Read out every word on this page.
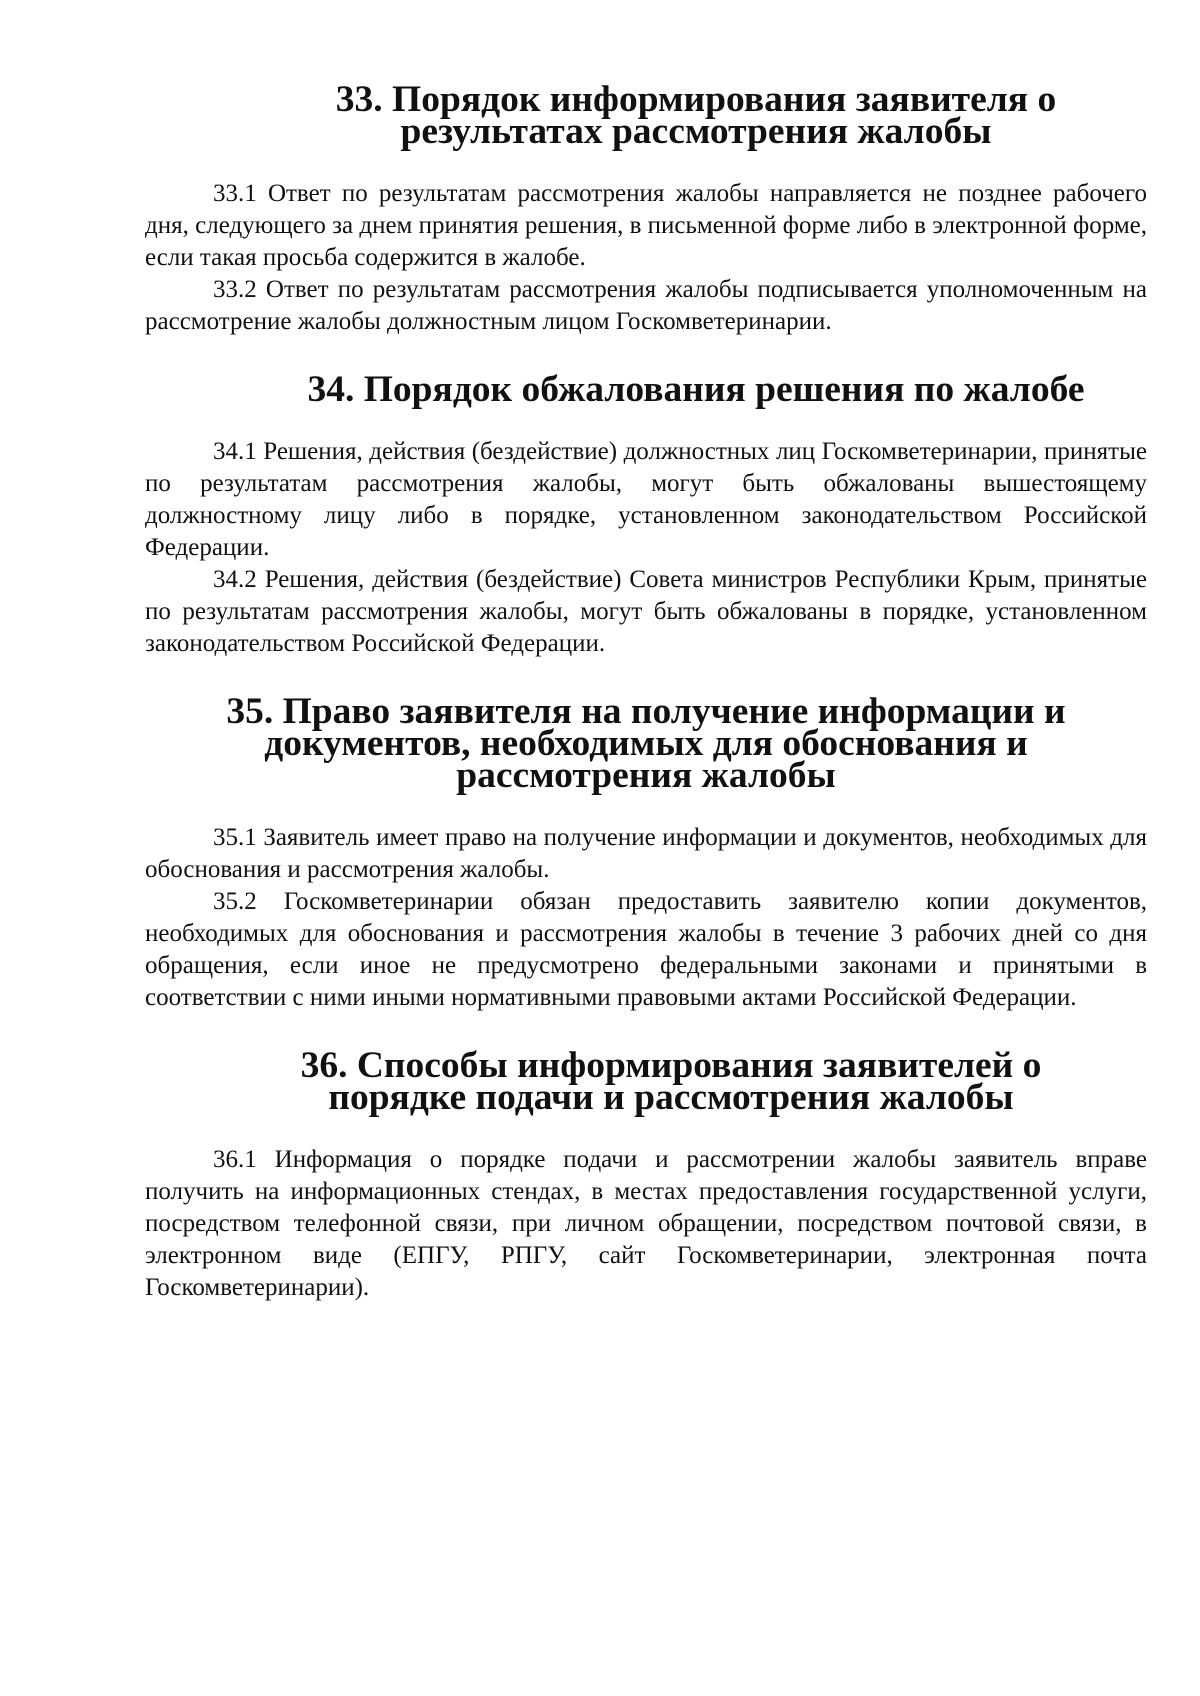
33. Порядок информирования заявителя о результатах рассмотрения жалобы

33.1 Ответ по результатам рассмотрения жалобы направляется не позднее рабочего дня, следующего за днем принятия решения, в письменной форме либо в электронной форме, если такая просьба содержится в жалобе.

33.2 Ответ по результатам рассмотрения жалобы подписывается уполномоченным на рассмотрение жалобы должностным лицом Госкомветеринарии.

34. Порядок обжалования решения по жалобе

34.1 Решения, действия (бездействие) должностных лиц Госкомветеринарии, принятые по результатам рассмотрения жалобы, могут быть обжалованы вышестоящему должностному лицу либо в порядке, установленном законодательством Российской Федерации.

34.2 Решения, действия (бездействие) Совета министров Республики Крым, принятые по результатам рассмотрения жалобы, могут быть обжалованы в порядке, установленном законодательством Российской Федерации.

35. Право заявителя на получение информации и документов, необходимых для обоснования и рассмотрения жалобы

35.1 Заявитель имеет право на получение информации и документов, необходимых для обоснования и рассмотрения жалобы.

35.2 Госкомветеринарии обязан предоставить заявителю копии документов, необходимых для обоснования и рассмотрения жалобы в течение 3 рабочих дней со дня обращения, если иное не предусмотрено федеральными законами и принятыми в соответствии с ними иными нормативными правовыми актами Российской Федерации.

36. Способы информирования заявителей о порядке подачи и рассмотрения жалобы

36.1 Информация о порядке подачи и рассмотрении жалобы заявитель вправе получить на информационных стендах, в местах предоставления государственной услуги, посредством телефонной связи, при личном обращении, посредством почтовой связи, в электронном виде (ЕПГУ, РПГУ, сайт Госкомветеринарии, электронная почта Госкомветеринарии).
